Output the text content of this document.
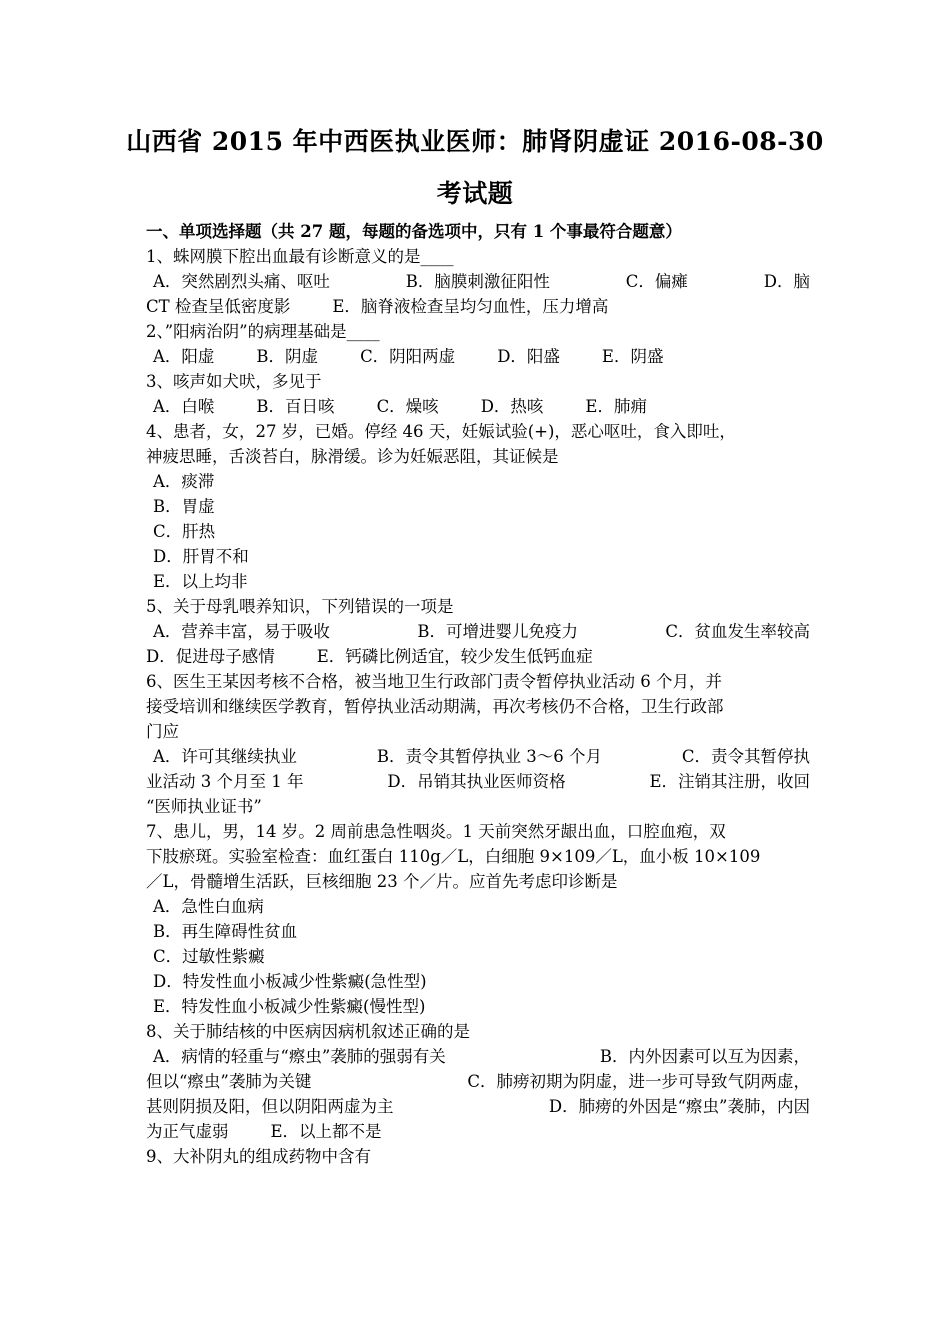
山西省 2015 年中西医执业医师：肺肾阴虚证 2016-08-30
考试题
一、单项选择题（共 27 题，每题的备选项中，只有 1 个事最符合题意）
1、蛛网膜下腔出血最有诊断意义的是____
A．突然剧烈头痛、呕吐	B．脑膜刺激征阳性	C．偏瘫	D．脑
CT 检查呈低密度影	E．脑脊液检查呈均匀血性，压力增高
2、”阳病治阴”的病理基础是____
A．阳虚	B．阴虚	C．阴阳两虚	D．阳盛	E．阴盛
3、咳声如犬吠，多见于
A．白喉	B．百日咳	C．燥咳	D．热咳	E．肺痈
4、患者，女，27 岁，已婚。停经 46 天，妊娠试验(+)，恶心呕吐，食入即吐，
神疲思睡，舌淡苔白，脉滑缓。诊为妊娠恶阻，其证候是
A．痰滞
B．胃虚
C．肝热
D．肝胃不和
E．以上均非
5、关于母乳喂养知识，下列错误的一项是
A．营养丰富，易于吸收	B．可增进婴儿免疫力	C．贫血发生率较高
D．促进母子感情	E．钙磷比例适宜，较少发生低钙血症
6、医生王某因考核不合格，被当地卫生行政部门责令暂停执业活动 6 个月，并
接受培训和继续医学教育，暂停执业活动期满，再次考核仍不合格，卫生行政部
门应
A．许可其继续执业	B．责令其暂停执业 3～6 个月	C．责令其暂停执
业活动 3 个月至 1 年	D．吊销其执业医师资格	E．注销其注册，收回
“医师执业证书”
7、患儿，男，14 岁。2 周前患急性咽炎。1 天前突然牙龈出血，口腔血疱，双
下肢瘀斑。实验室检查：血红蛋白 110g／L，白细胞 9×109／L，血小板 10×109
／L，骨髓增生活跃，巨核细胞 23 个／片。应首先考虑印诊断是
A．急性白血病
B．再生障碍性贫血
C．过敏性紫癜
D．特发性血小板减少性紫癜(急性型)
E．特发性血小板减少性紫癜(慢性型)
8、关于肺结核的中医病因病机叙述正确的是
A．病情的轻重与“瘵虫”袭肺的强弱有关	B．内外因素可以互为因素，
但以“瘵虫”袭肺为关键	C．肺痨初期为阴虚，进一步可导致气阴两虚，
甚则阴损及阳，但以阴阳两虚为主	D．肺痨的外因是“瘵虫”袭肺，内因
为正气虚弱	E．以上都不是
9、大补阴丸的组成药物中含有
